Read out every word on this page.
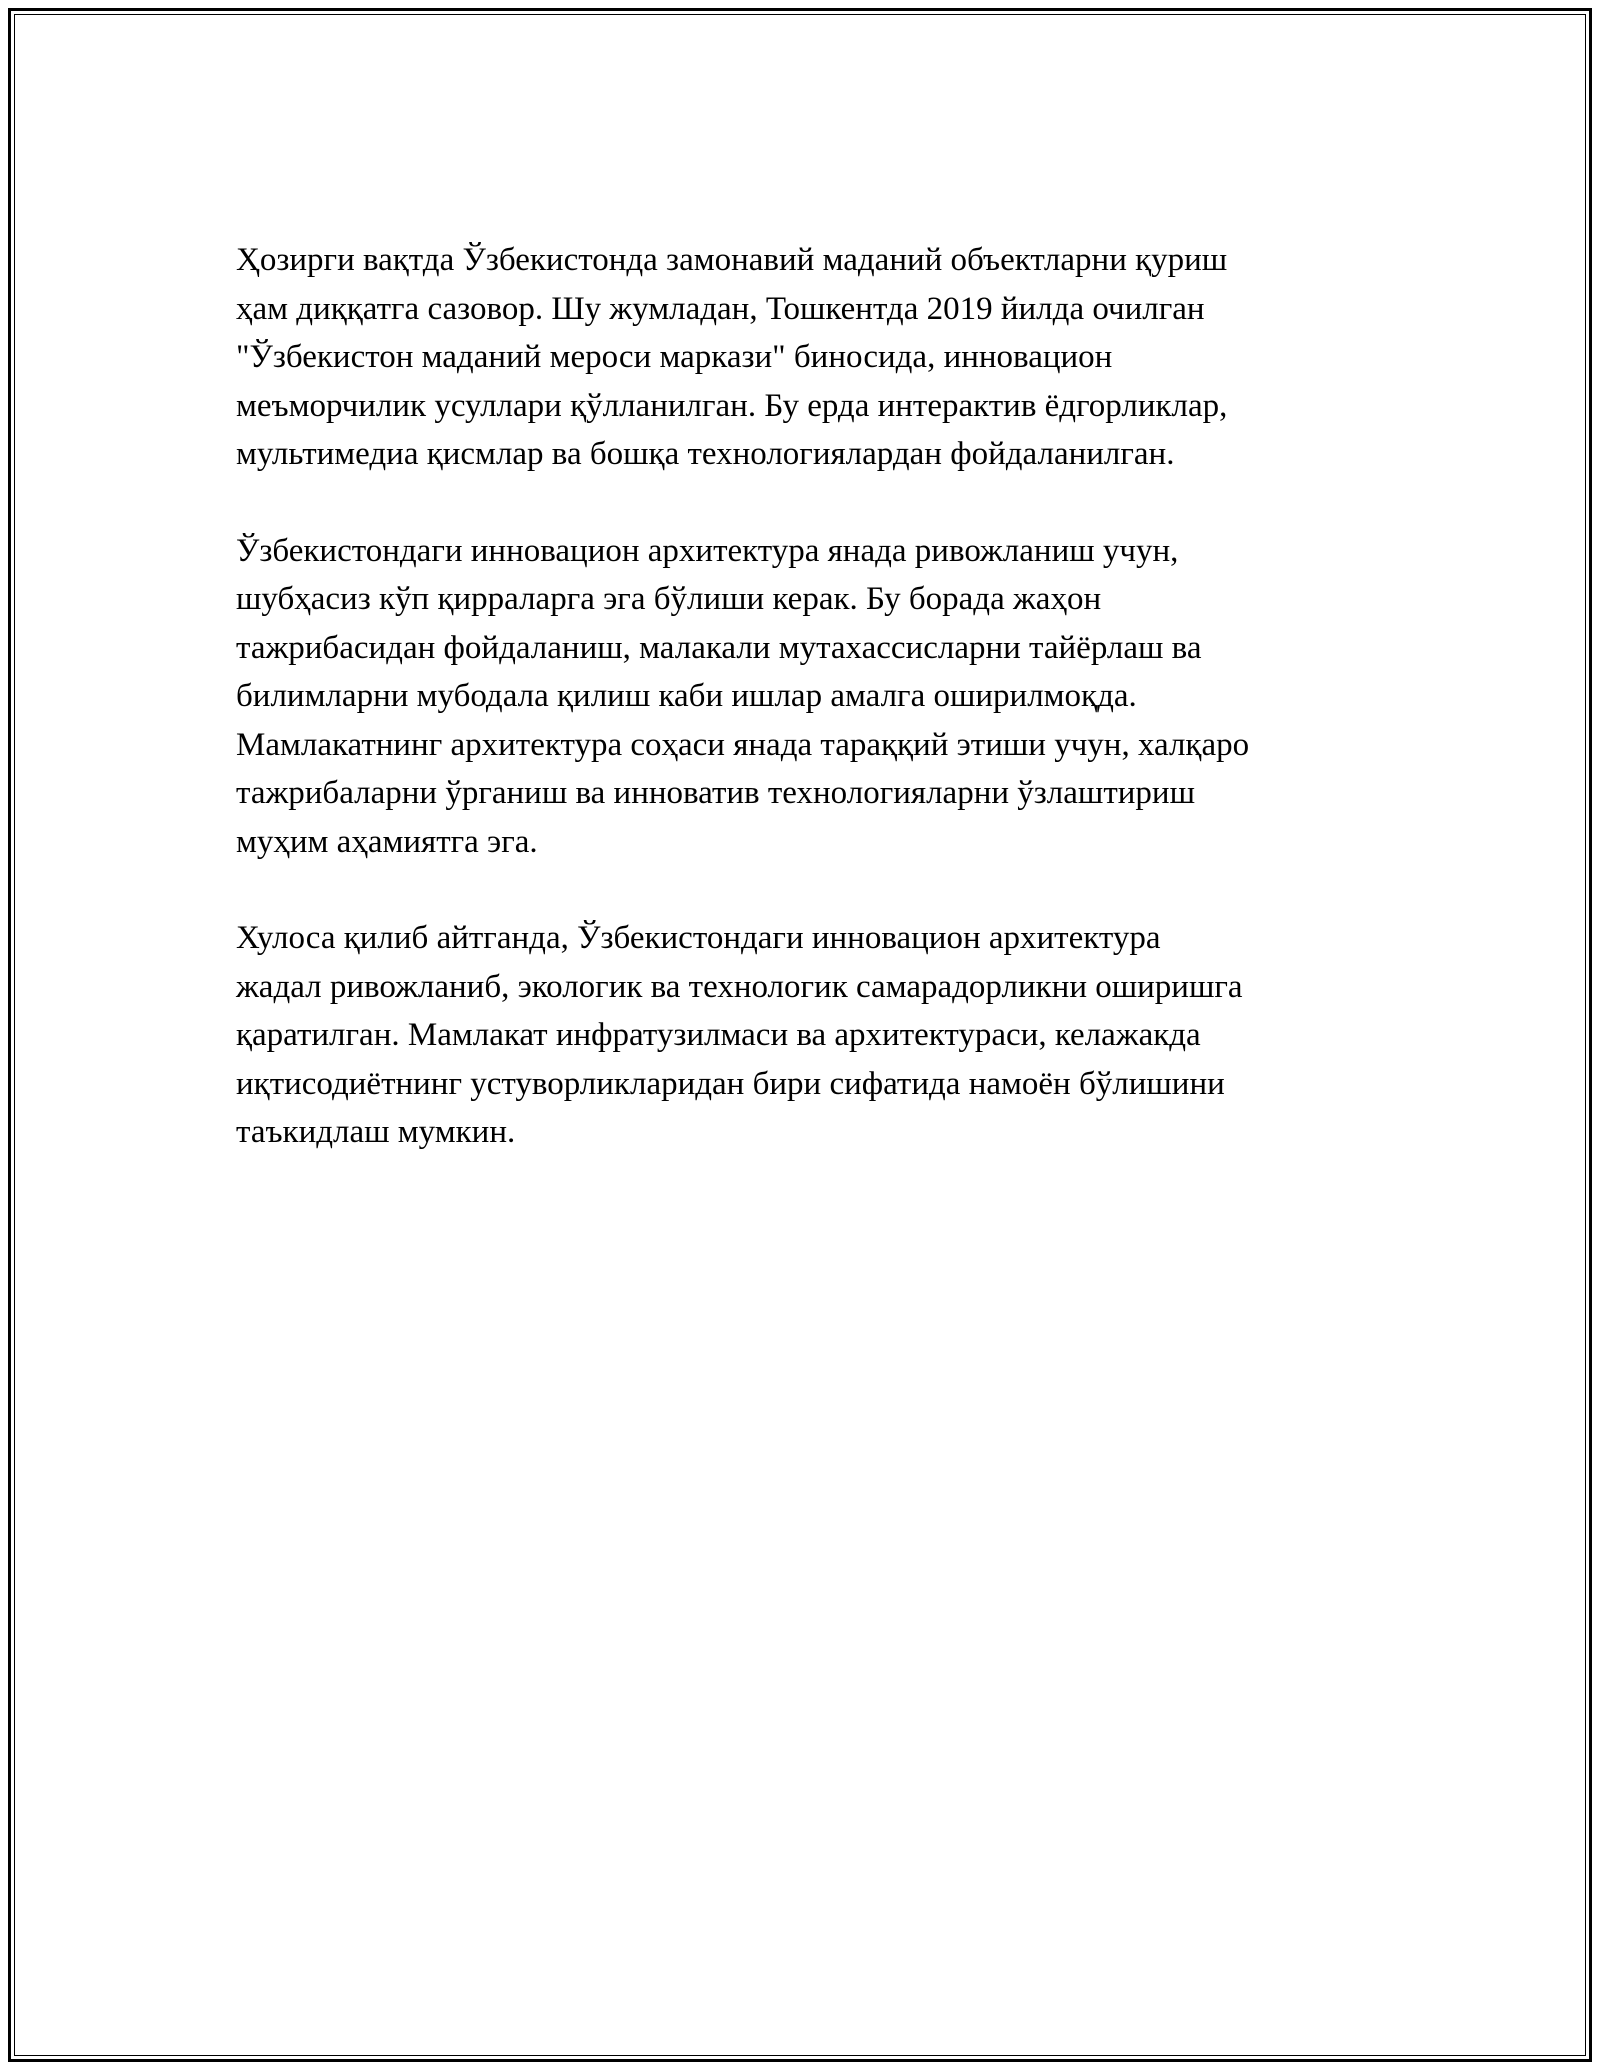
Ҳозирги вақтда Ўзбекистонда замонавий маданий объектларни қуриш
ҳам диққатга сазовор. Шу жумладан, Тошкентда 2019 йилда очилган
"Ўзбекистон маданий мероси маркази" биносида, инновацион
меъморчилик усуллари қўлланилган. Бу ерда интерактив ёдгорликлар,
мультимедиа қисмлар ва бошқа технологиялардан фойдаланилган.

Ўзбекистондаги инновацион архитектура янада ривожланиш учун,
шубҳасиз кўп қирраларга эга бўлиши керак. Бу борада жаҳон
тажрибасидан фойдаланиш, малакали мутахассисларни тайёрлаш ва
билимларни мубодала қилиш каби ишлар амалга оширилмоқда.
Мамлакатнинг архитектура соҳаси янада тараққий этиши учун, халқаро
тажрибаларни ўрганиш ва инноватив технологияларни ўзлаштириш
муҳим аҳамиятга эга.

Хулоса қилиб айтганда, Ўзбекистондаги инновацион архитектура
жадал ривожланиб, экологик ва технологик самарадорликни оширишга
қаратилган. Мамлакат инфратузилмаси ва архитектураси, келажакда
иқтисодиётнинг устуворликларидан бири сифатида намоён бўлишини
таъкидлаш мумкин.
